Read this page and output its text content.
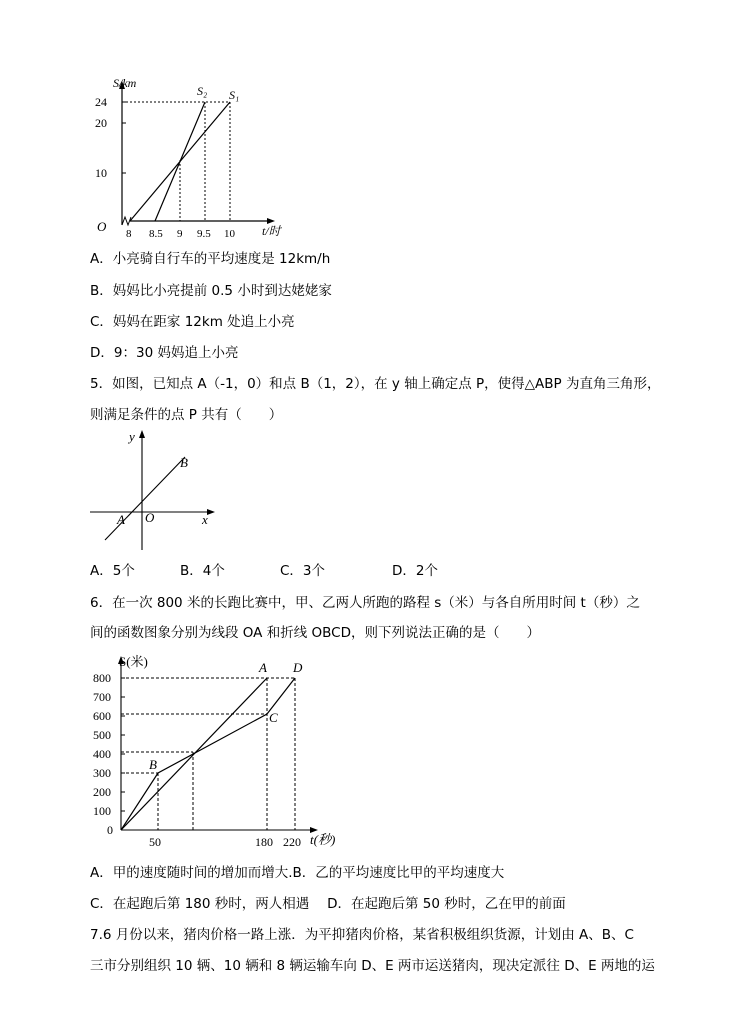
S/km
24
20
10
O 8 8.5 9 9.5 10 t/时
S₂ S₁
A．小亮骑自行车的平均速度是 12km/h
B．妈妈比小亮提前 0.5 小时到达姥姥家
C．妈妈在距家 12km 处追上小亮
D．9：30 妈妈追上小亮
5．如图，已知点 A（-1，0）和点 B（1，2），在 y 轴上确定点 P，使得△ABP 为直角三角形，
则满足条件的点 P 共有（　　）
y
x
A O
B
A．5个	B．4个	C．3个	D．2个
6．在一次 800 米的长跑比赛中，甲、乙两人所跑的路程 s（米）与各自所用时间 t（秒）之
间的函数图象分别为线段 OA 和折线 OBCD，则下列说法正确的是（　　）
S(米)
800
700
600
500
400
300
200
100
0
50	180 220 t(秒)
A D
C
B
A．甲的速度随时间的增加而增大.B．乙的平均速度比甲的平均速度大
C．在起跑后第 180 秒时，两人相遇　 D．在起跑后第 50 秒时，乙在甲的前面
7.6 月份以来，猪肉价格一路上涨．为平抑猪肉价格，某省积极组织货源，计划由 A、B、C
三市分别组织 10 辆、10 辆和 8 辆运输车向 D、E 两市运送猪肉，现决定派往 D、E 两地的运
